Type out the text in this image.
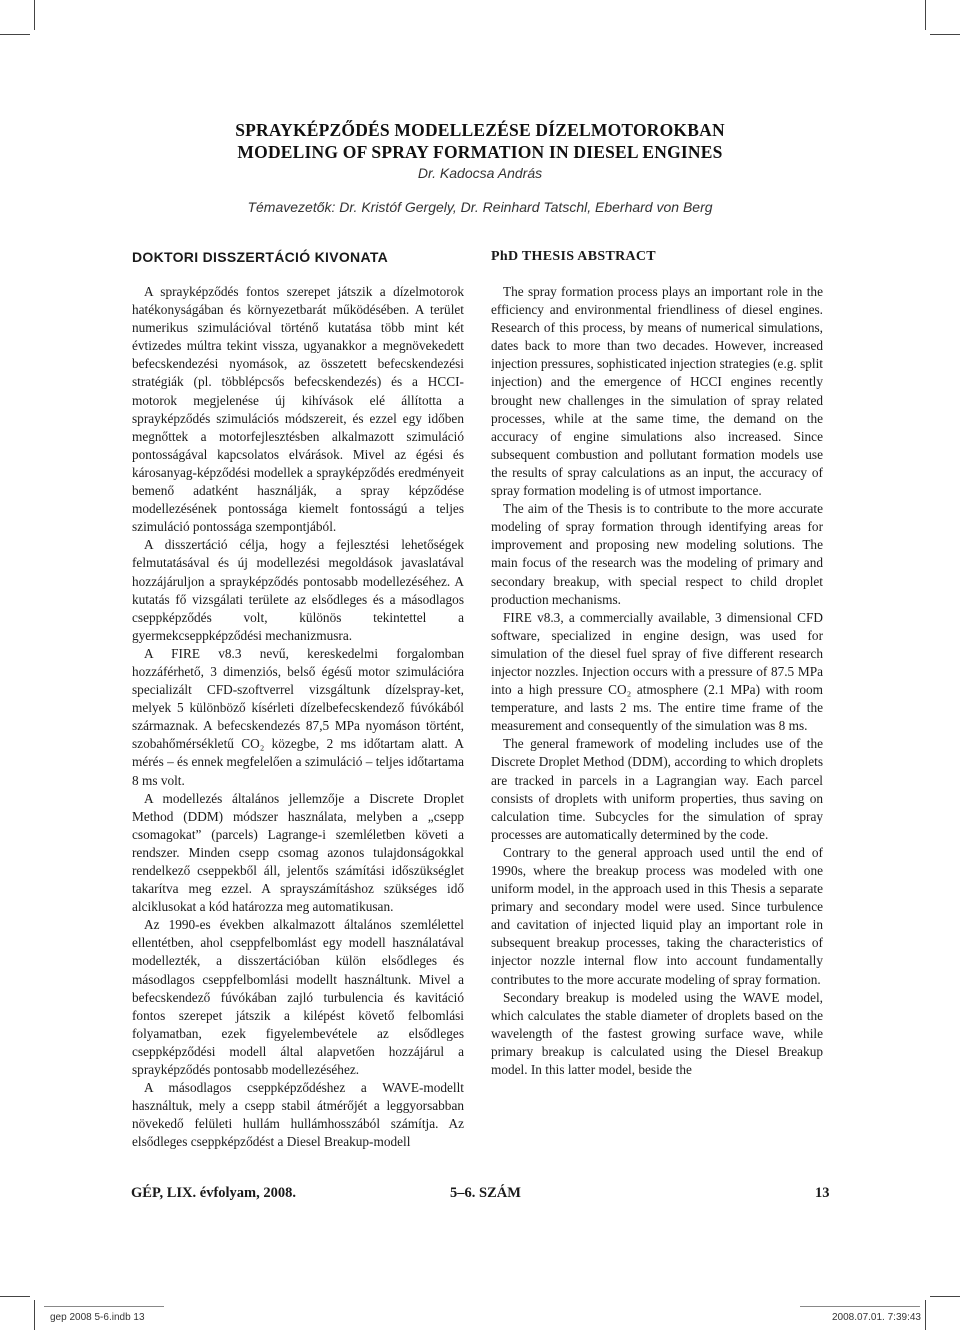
SPRAYKÉPZŐDÉS MODELLEZÉSE DÍZELMOTOROKBAN
MODELING OF SPRAY FORMATION IN DIESEL ENGINES
Dr. Kadocsa András
Témavezetők: Dr. Kristóf Gergely, Dr. Reinhard Tatschl, Eberhard von Berg
DOKTORI DISSZERTÁCIÓ KIVONATA

A sprayképződés fontos szerepet játszik a dízelmotorok hatékonyságában és környezetbarát működésében. A terület numerikus szimulációval történő kutatása több mint két évtizedes múltra tekint vissza, ugyanakkor a megnövekedett befecskendezési nyomások, az összetett befecskendezési stratégiák (pl. többlépcsős befecskendezés) és a HCCI-motorok megjelenése új kihívások elé állította a sprayképződés szimulációs módszereit, és ezzel egy időben megnőttek a motorfejlesztésben alkalmazott szimuláció pontosságával kapcsolatos elvárások. Mivel az égési és károsanyag-képződési modellek a sprayképződés eredményeit bemenő adatként használják, a spray képződése modellezésének pontossága kiemelt fontosságú a teljes szimuláció pontossága szempontjából.

A disszertáció célja, hogy a fejlesztési lehetőségek felmutatásával és új modellezési megoldások javaslatával hozzájáruljon a sprayképződés pontosabb modellezéséhez. A kutatás fő vizsgálati területe az elsődleges és a másodlagos cseppképződés volt, különös tekintettel a gyermekcseppképződési mechanizmusra.

A FIRE v8.3 nevű, kereskedelmi forgalomban hozzáférhető, 3 dimenziós, belső égésű motor szimulációra specializált CFD-szoftverrel vizsgáltunk dízelspray-ket, melyek 5 különböző kísérleti dízelbefecskendező fúvókából származnak. A befecskendezés 87,5 MPa nyomáson történt, szobahőmérsékletű CO₂ közegbe, 2 ms időtartam alatt. A mérés – és ennek megfelelően a szimuláció – teljes időtartama 8 ms volt.

A modellezés általános jellemzője a Discrete Droplet Method (DDM) módszer használata, melyben a „csepp csomagokat” (parcels) Lagrange-i szemléletben követi a rendszer. Minden csepp csomag azonos tulajdonságokkal rendelkező cseppekből áll, jelentős számítási időszükséglet takarítva meg ezzel. A sprayszámításhoz szükséges idő alciklusokat a kód határozza meg automatikusan.

Az 1990-es években alkalmazott általános szemlélettel ellentétben, ahol cseppfelbomlást egy modell használatával modellezték, a disszertációban külön elsődleges és másodlagos cseppfelbomlási modellt használtunk. Mivel a befecskendező fúvókában zajló turbulencia és kavitáció fontos szerepet játszik a kilépést követő felbomlási folyamatban, ezek figyelembevétele az elsődleges cseppképződési modell által alapvetően hozzájárul a sprayképződés pontosabb modellezéséhez.

A másodlagos cseppképződéshez a WAVE-modellt használtuk, mely a csepp stabil átmérőjét a leggyorsabban növekedő felületi hullám hullámhosszából számítja. Az elsődleges cseppképződést a Diesel Breakup-modell

PhD THESIS ABSTRACT

The spray formation process plays an important role in the efficiency and environmental friendliness of diesel engines. Research of this process, by means of numerical simulations, dates back to more than two decades. However, increased injection pressures, sophisticated injection strategies (e.g. split injection) and the emergence of HCCI engines recently brought new challenges in the simulation of spray related processes, while at the same time, the demand on the accuracy of engine simulations also increased. Since subsequent combustion and pollutant formation models use the results of spray calculations as an input, the accuracy of spray formation modeling is of utmost importance.

The aim of the Thesis is to contribute to the more accurate modeling of spray formation through identifying areas for improvement and proposing new modeling solutions. The main focus of the research was the modeling of primary and secondary breakup, with special respect to child droplet production mechanisms.

FIRE v8.3, a commercially available, 3 dimensional CFD software, specialized in engine design, was used for simulation of the diesel fuel spray of five different research injector nozzles. Injection occurs with a pressure of 87.5 MPa into a high pressure CO₂ atmosphere (2.1 MPa) with room temperature, and lasts 2 ms. The entire time frame of the measurement and consequently of the simulation was 8 ms.

The general framework of modeling includes use of the Discrete Droplet Method (DDM), according to which droplets are tracked in parcels in a Lagrangian way. Each parcel consists of droplets with uniform properties, thus saving on calculation time. Subcycles for the simulation of spray processes are automatically determined by the code.

Contrary to the general approach used until the end of 1990s, where the breakup process was modeled with one uniform model, in the approach used in this Thesis a separate primary and secondary model were used. Since turbulence and cavitation of injected liquid play an important role in subsequent breakup processes, taking the characteristics of injector nozzle internal flow into account fundamentally contributes to the more accurate modeling of spray formation.

Secondary breakup is modeled using the WAVE model, which calculates the stable diameter of droplets based on the wavelength of the fastest growing surface wave, while primary breakup is calculated using the Diesel Breakup model. In this latter model, beside the

GÉP, LIX. évfolyam, 2008.	5–6. SZÁM	13
gep 2008 5-6.indb 13	2008.07.01. 7:39:43
